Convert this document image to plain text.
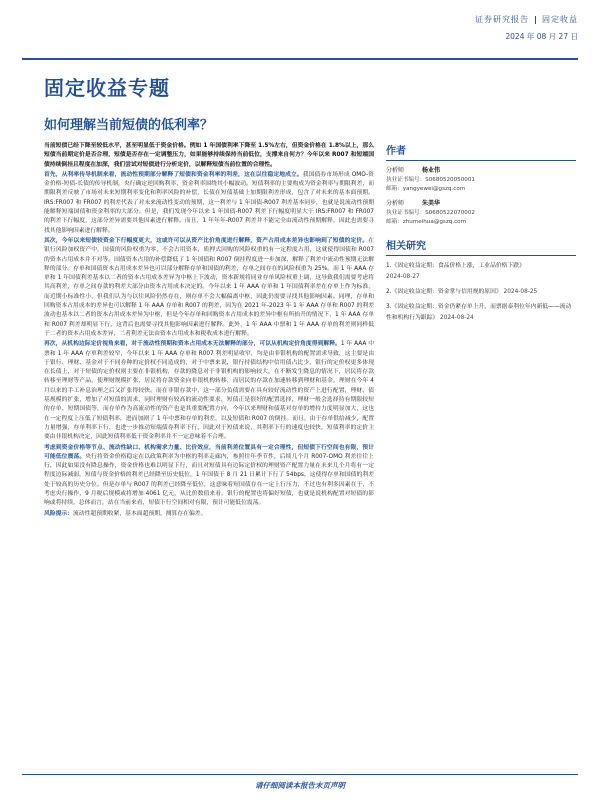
证券研究报告 固定收益
2024 年 08 月 27 日
固定收益专题
如何理解当前短债的低利率？

当前短债已经下降至较低水平，甚至明显低于资金价格。例如 1 年国债利率下降至 1.5%左右，但资金价格在 1.8%以上，那么短债当前期定价是否合理，短债是否存在一定调整压力，如果能够持续保持当前低位，支撑来自何方？今年以来 R007 和短端国债持续倒挂且程度在加深，我们尝试对短债进行分析定价，以解释短债当前位置的合理性。

首先，从利率传导机制来看，流动性预期部分解释了短债和资金利率的利差，这在以往稳定地成立。我国债券市场形成 OMO-资金价格-短债-长债的传导机制，央行确定逆回购利率，资金利率围绕其小幅波动。短债利率的主要构成为资金利率与期限利差，而期限利差反映了市场对未来短期利率变化和利率风险的补偿，长债在短债基础上加期限利差形成，包含了对未来的基本面预期。IRS:FR007 和 FR007 的利差代表了对未来流动性变动的预期，这一利差与 1 年国债-R007 利差基本同步，也就是说流动性预期能解释短端国债和资金利率的大部分。但是，我们发现今年以来 1 年国债-R007 利差下行幅度明显大于 IRS:FR007 和 FR007 的利差下行幅度，这部分差异需要其他因素进行解释。而且，1 年年年-R007 利差并不能完全由流动性预期解释，因此也需要寻找其他影响因素进行解释。

其次，今年以来短债较资金下行幅度更大，这或许可以从资产比价角度进行解释，资产占用成本差异也影响到了短债的定价。在银行风险加权资产中，国债的风险权重为零，不会占用资本，质押式回购的风险权重的有一定程度占用，这就使得国债和 R007 的资本占用成本并不对等。国债资本占用的补偿降低了 1 年国债和 R007 倒挂程度进一步加深，解释了利差中流动性预期无法解释的部分。存单和国债资本占用成本差异也可以部分解释存单和国债的利差，存单之间存在的风险权重为 25%。而 1 年 AAA 存单和 1 年国债利差基本以二者的资本占用成本差异为中枢上下波动，资本新规将同业存单风险权重上调，这导致我们需要考虑将其高利差，存单之间存款的利差大部分由资本占用成本决定的。今年以来 1 年 AAA 存单和 1 年国债利率差在存单上作为标准，而近期小标准性小，但我们认为与以往风险仍然存在，则存单不会大幅偏离中枢，因此仍需要寻找其他影响因素。同理，存单和回购资本占用成本的差异也可以解释 1 年 AAA 存单和 R007 的利差，因为在 2021 年-2023 年 1 年 AAA 存单和 R007 的利差波动也基本以二者的资本占用成本差异为中枢，但是今年存单和回购资本占用成本的差异中枢有所抬升的情况下，1 年 AAA 存单和 R007 利差却明显下行，这背后也需要寻找其他影响因素进行解释。此外，1 年 AAA 中票和 1 年 AAA 存单的利差则同样低于二者的资本占用成本差异，二者利差无法由资本占用成本和税收成本进行解释。

再次，从机构边际定价视角来看，对于流动性预期和资本占用成本无法解释的部分，可以从机构定价角度得到解释。1 年 AAA 中票和 1 年 AAA 存单利差较窄，今年以来 1 年 AAA 存单和 R007 利差明显收窄，均是由非银机构的配置需求导致，这主要是由于银行、理财、基金对于不同券种的定价权不同造成的，对于中票来说，银行持债结构中信用债占比少，银行的定价权更多体现在长债上，对于短债的定价权则主要在非银机构，存款的降息对于非银机构的影响较大，在不断发生降息的情况下，居民将存款转移至理财等产品，使理财规模扩张，居民将存款资金向非银机构转移，而居民的存款在加速转移到理财和基金，理财在今年 4 月以来的手工补息治理之后又扩张得较快。而在非银存款中，这一部分负债需要在具有较好流动性的资产上进行配置，理财、债基规模的扩张，增加了对短债的需求，同时理财有较高的流动性要求，短债正是很好的配置选择，理财一般会选择持有期限较短的存单、短期国债等，而存单作为高流动性的资产也是其重要配置方向，今年以来理财和债基对存单的增持力度明显加大，这也在一定程度上压低了短债利率，进而加剧了 1 年中票和存单的利差，以及短债和 R007 的倒挂。而且，由于存单供给减少，配置力量增强，存单利率下行，也进一步推动短端债券利率下行，因此对于短债来说，其利率下行的速度也较快，短债利率的定价主要由非银机构决定，因此短债利率低于资金利率并不一定意味着不合理。

考虑到资金价格等节点、流动性缺口、机构需求力量、比价效应，当前利差位置具有一定合理性，但短债下行空间也有限，预计可能低位震荡。央行将资金价格稳定在以政策利率为中枢的利率走廊内，参照往年季节性，后续几个月 R007-OMO 利差往往上行，因此如果没有降息操作，资金价格也难以明显下行，而且对短债具有边际定价权的理财资产配置力量在未来几个月将有一定程度边际减弱，短债与资金价格的利差已经降至历史低位，1 年国债于 8 月 21 日累计下行了 54bps，这使得存单和国债的利差处于较高的历史分位。但是存单与 R007 的利差已经降至低位，这意味着短国债存在一定上行压力，不过也有利多因素在于，不考虑央行操作，9 月税后规模或将增加 4061 亿元，从比价数值来看，银行的配置也将偏好短债，也就是说机构配置对短债的影响或将持续，总体而言，站在当前来看，短债下行空间相对有限，预计可能低位震荡。

风险提示：流动性超预期收紧，基本面超预期，测算存在偏差。

作者
分析师	杨业伟
执业证书编号：S0680520050001
邮箱：yangyewei@gszq.com
分析师	朱美华
执业证书编号：S0680522070002
邮箱：zhumeihua@gszq.com
相关研究
1.《固定收益定期：食品价格上涨，工业品价格下跌》
2024-08-27
2.《固定收益定期：资金掌与信用规的原因》 2024-08-25
3.《固定收益定期：资金仍紧存单上升，而票据泰利位年内新低——流动性和机构行为跟踪》 2024-08-24
请仔细阅读本报告末页声明
